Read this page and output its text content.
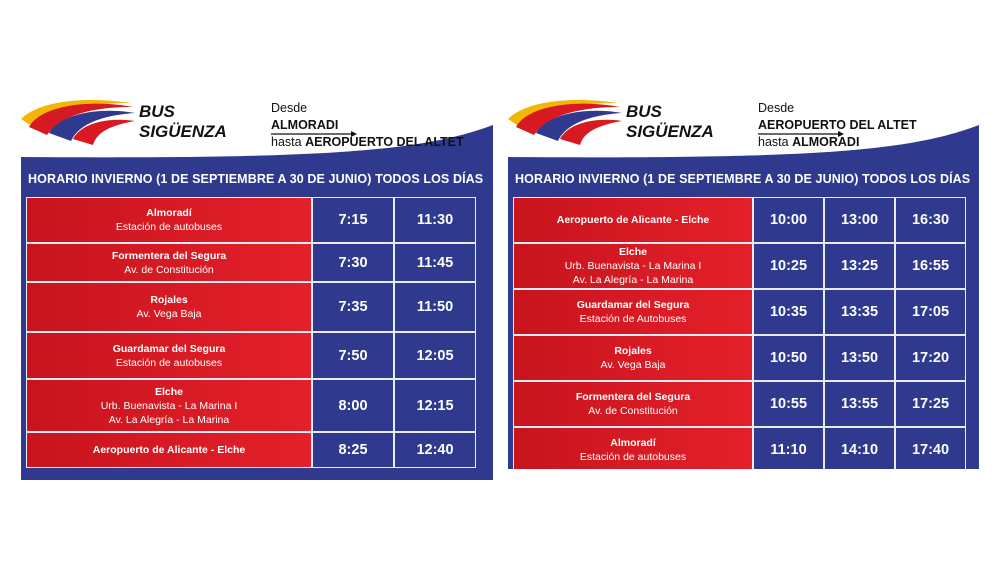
BUS
SIGÜENZA
Desde
ALMORADI
hasta AEROPUERTO DEL ALTET
HORARIO INVIERNO (1 DE SEPTIEMBRE A 30 DE JUNIO) TODOS LOS DÍAS
Almoradí
Estación de autobuses	7:15	11:30
Formentera del Segura
Av. de Constitución	7:30	11:45
Rojales
Av. Vega Baja	7:35	11:50
Guardamar del Segura
Estación de autobuses	7:50	12:05
Elche
Urb. Buenavista - La Marina I
Av. La Alegría - La Marina
8:00	12:15
Aeropuerto de Alicante - Elche	8:25	12:40
BUS
SIGÜENZA
Desde
AEROPUERTO DEL ALTET
hasta ALMORADI
HORARIO INVIERNO (1 DE SEPTIEMBRE A 30 DE JUNIO) TODOS LOS DÍAS
Aeropuerto de Alicante - Elche	10:00	13:00	16:30
Elche
Urb. Buenavista - La Marina I
Av. La Alegría - La Marina
10:25	13:25	16:55
Guardamar del Segura
Estación de Autobuses	10:35	13:35	17:05
Rojales
Av. Vega Baja	10:50	13:50	17:20
Formentera del Segura
Av. de Constitución	10:55	13:55	17:25
Almoradí
Estación de autobuses	11:10	14:10	17:40
